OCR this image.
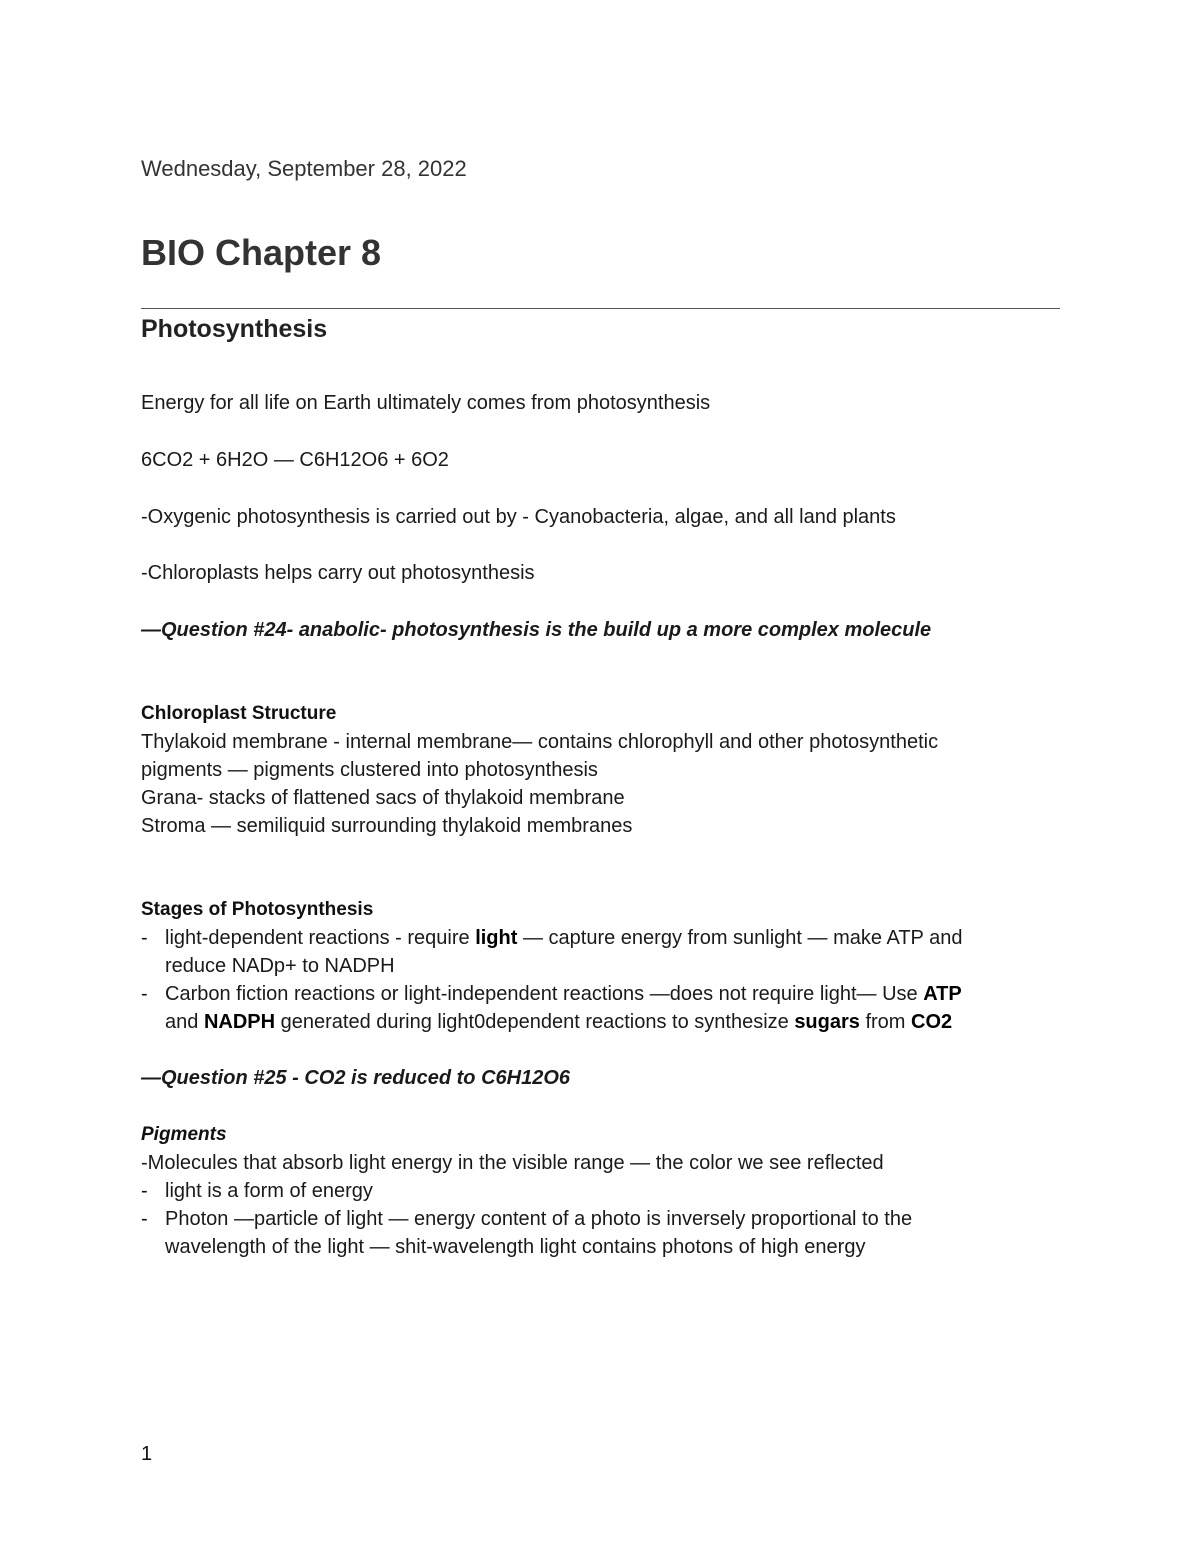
Wednesday, September 28, 2022
BIO Chapter 8
Photosynthesis
Energy for all life on Earth ultimately comes from photosynthesis
6CO2 + 6H2O — C6H12O6 + 6O2
-Oxygenic photosynthesis is carried out by - Cyanobacteria, algae, and all land plants
-Chloroplasts helps carry out photosynthesis
—Question #24- anabolic- photosynthesis is the build up a more complex molecule
Chloroplast Structure
Thylakoid membrane - internal membrane— contains chlorophyll and other photosynthetic
pigments — pigments clustered into photosynthesis
Grana- stacks of flattened sacs of thylakoid membrane
Stroma — semiliquid surrounding thylakoid membranes
Stages of Photosynthesis
- light-dependent reactions - require light — capture energy from sunlight — make ATP and
reduce NADp+ to NADPH
- Carbon fiction reactions or light-independent reactions —does not require light— Use ATP
and NADPH generated during light0dependent reactions to synthesize sugars from CO2
—Question #25 - CO2 is reduced to C6H12O6
Pigments
-Molecules that absorb light energy in the visible range — the color we see reflected
- light is a form of energy
- Photon —particle of light — energy content of a photo is inversely proportional to the
wavelength of the light — shit-wavelength light contains photons of high energy
1
